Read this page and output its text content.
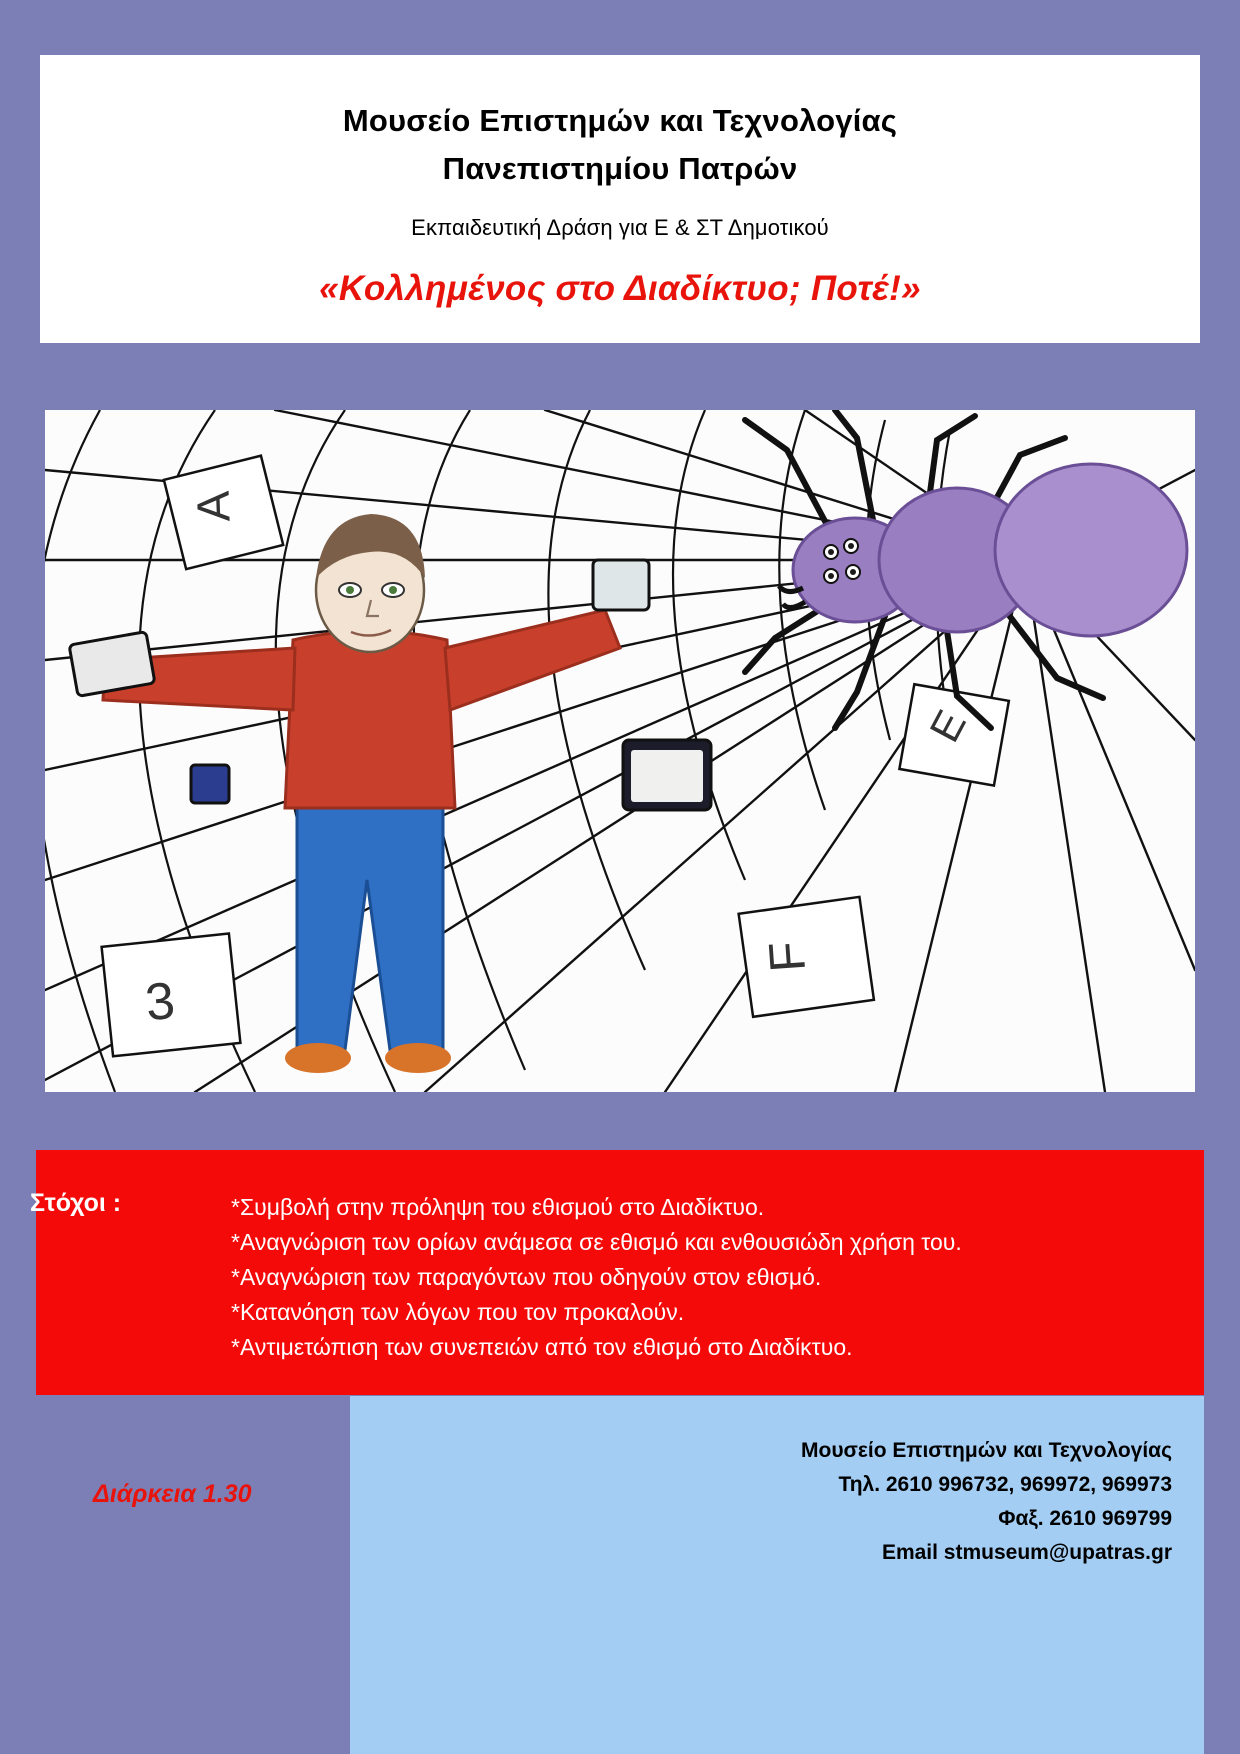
Μουσείο Επιστημών και Τεχνολογίας
Πανεπιστημίου Πατρών
Εκπαιδευτική Δράση για Ε & ΣΤ Δημοτικού
«Κολλημένος στο Διαδίκτυο; Ποτέ!»
A
E
F
3
*Συμβολή στην πρόληψη του εθισμού στο Διαδίκτυο.
*Αναγνώριση των ορίων ανάμεσα σε εθισμό και ενθουσιώδη χρήση του.
*Αναγνώριση των παραγόντων που οδηγούν στον εθισμό.
*Κατανόηση των λόγων που τον προκαλούν.
*Αντιμετώπιση των συνεπειών από τον εθισμό στο Διαδίκτυο.
Στόχοι :
Μουσείο Επιστημών και Τεχνολογίας
Τηλ. 2610 996732, 969972, 969973
Φαξ. 2610 969799
Email stmuseum@upatras.gr
Διάρκεια 1.30
